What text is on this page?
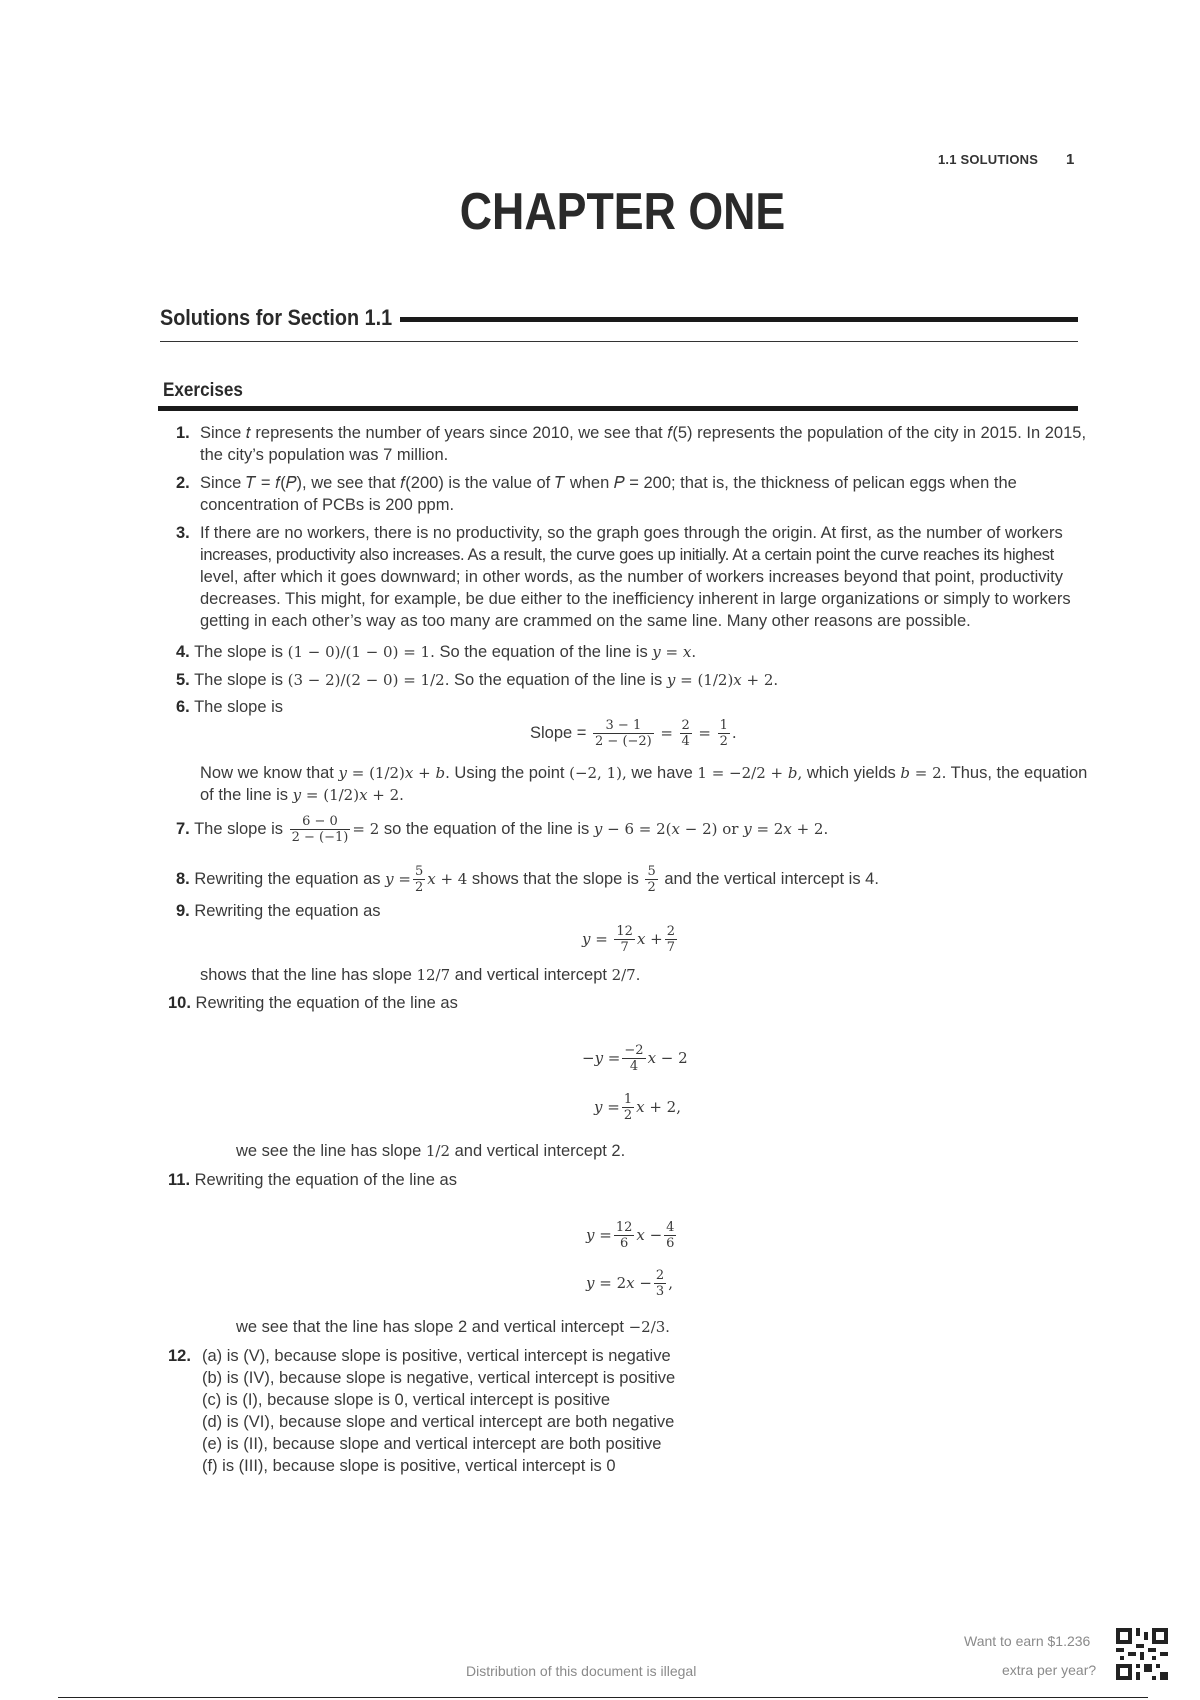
1.1 SOLUTIONS 1
CHAPTER ONE
Solutions for Section 1.1
Exercises
1. Since 𝑡 represents the number of years since 2010, we see that 𝑓(5) represents the population of the city in 2015. In 2015,
the city’s population was 7 million.
2. Since 𝑇 = 𝑓(𝑃), we see that 𝑓(200) is the value of 𝑇 when 𝑃 = 200; that is, the thickness of pelican eggs when the
concentration of PCBs is 200 ppm.
3. If there are no workers, there is no productivity, so the graph goes through the origin. At first, as the number of workers
increases, productivity also increases. As a result, the curve goes up initially. At a certain point the curve reaches its highest
level, after which it goes downward; in other words, as the number of workers increases beyond that point, productivity
decreases. This might, for example, be due either to the inefficiency inherent in large organizations or simply to workers
getting in each other’s way as too many are crammed on the same line. Many other reasons are possible.
4. The slope is (1 − 0)/(1 − 0) = 1. So the equation of the line is 𝑦 = 𝑥.
5. The slope is (3 − 2)/(2 − 0) = 1/2. So the equation of the line is 𝑦 = (1/2)𝑥 + 2.
6. The slope is
Slope = $\frac{3 - 1}{2 - (-2)} = \frac{2}{4} = \frac{1}{2}$ .
Now we know that 𝑦 = (1/2)𝑥 + 𝑏. Using the point (−2, 1), we have 1 = −2/2 + 𝑏, which yields 𝑏 = 2. Thus, the equation
of the line is 𝑦 = (1/2)𝑥 + 2.
7. The slope is $\frac{6 - 0}{2 - (-1)} = 2$ so the equation of the line is 𝑦 − 6 = 2(𝑥 − 2) or 𝑦 = 2𝑥 + 2.
8. Rewriting the equation as 𝑦 = $\frac{5}{2}$ 𝑥 + 4 shows that the slope is $\frac{5}{2}$ and the vertical intercept is 4.
9. Rewriting the equation as
𝑦 = $\frac{12}{7}$ 𝑥 + $\frac{2}{7}$
shows that the line has slope 12/7 and vertical intercept 2/7.
10. Rewriting the equation of the line as
−𝑦 = $\frac{-2}{4}$ 𝑥 − 2
𝑦 = $\frac{1}{2}$ 𝑥 + 2,
we see the line has slope 1/2 and vertical intercept 2.
11. Rewriting the equation of the line as
𝑦 = $\frac{12}{6}$ 𝑥 − $\frac{4}{6}$
𝑦 = 2𝑥 − $\frac{2}{3}$ ,
we see that the line has slope 2 and vertical intercept −2/3.
12. (a) is (V), because slope is positive, vertical intercept is negative
(b) is (IV), because slope is negative, vertical intercept is positive
(c) is (I), because slope is 0, vertical intercept is positive
(d) is (VI), because slope and vertical intercept are both negative
(e) is (II), because slope and vertical intercept are both positive
(f) is (III), because slope is positive, vertical intercept is 0
Distribution of this document is illegal
Want to earn $1.236
extra per year?
